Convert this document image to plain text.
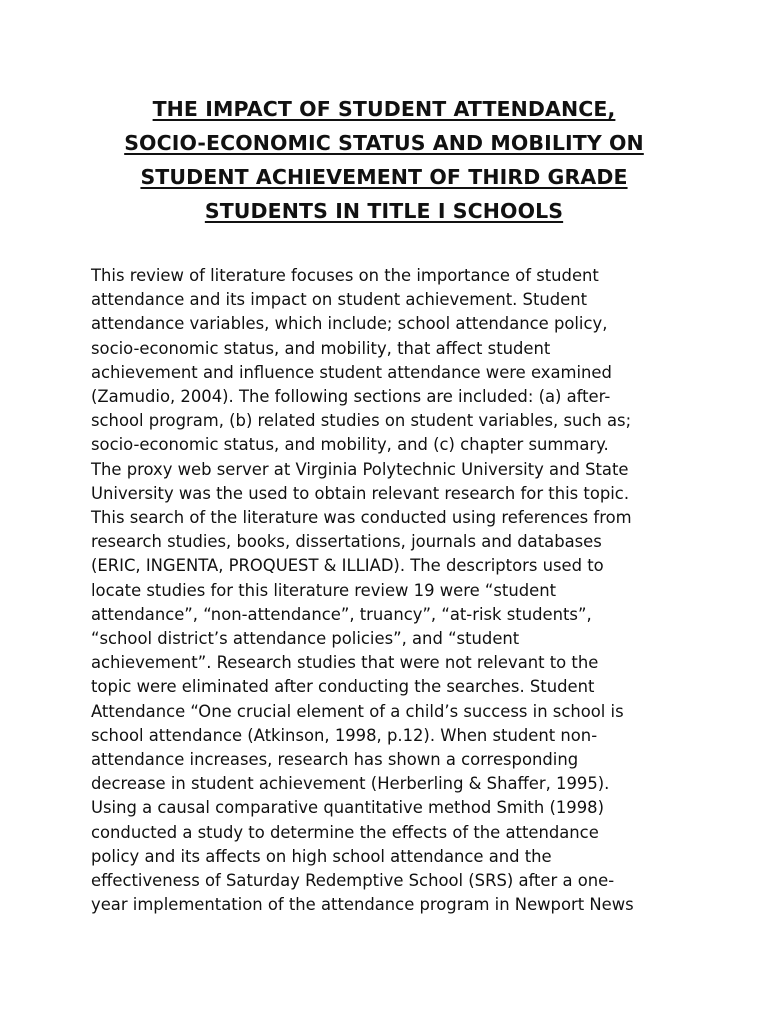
THE IMPACT OF STUDENT ATTENDANCE,
SOCIO-ECONOMIC STATUS AND MOBILITY ON
STUDENT ACHIEVEMENT OF THIRD GRADE
STUDENTS IN TITLE I SCHOOLS

This review of literature focuses on the importance of student
attendance and its impact on student achievement. Student
attendance variables, which include; school attendance policy,
socio-economic status, and mobility, that affect student
achievement and influence student attendance were examined
(Zamudio, 2004). The following sections are included: (a) after-
school program, (b) related studies on student variables, such as;
socio-economic status, and mobility, and (c) chapter summary.
The proxy web server at Virginia Polytechnic University and State
University was the used to obtain relevant research for this topic.
This search of the literature was conducted using references from
research studies, books, dissertations, journals and databases
(ERIC, INGENTA, PROQUEST & ILLIAD). The descriptors used to
locate studies for this literature review 19 were “student
attendance”, “non-attendance”, truancy”, “at-risk students”,
“school district’s attendance policies”, and “student
achievement”. Research studies that were not relevant to the
topic were eliminated after conducting the searches. Student
Attendance “One crucial element of a child’s success in school is
school attendance (Atkinson, 1998, p.12). When student non-
attendance increases, research has shown a corresponding
decrease in student achievement (Herberling & Shaffer, 1995).
Using a causal comparative quantitative method Smith (1998)
conducted a study to determine the effects of the attendance
policy and its affects on high school attendance and the
effectiveness of Saturday Redemptive School (SRS) after a one-
year implementation of the attendance program in Newport News
